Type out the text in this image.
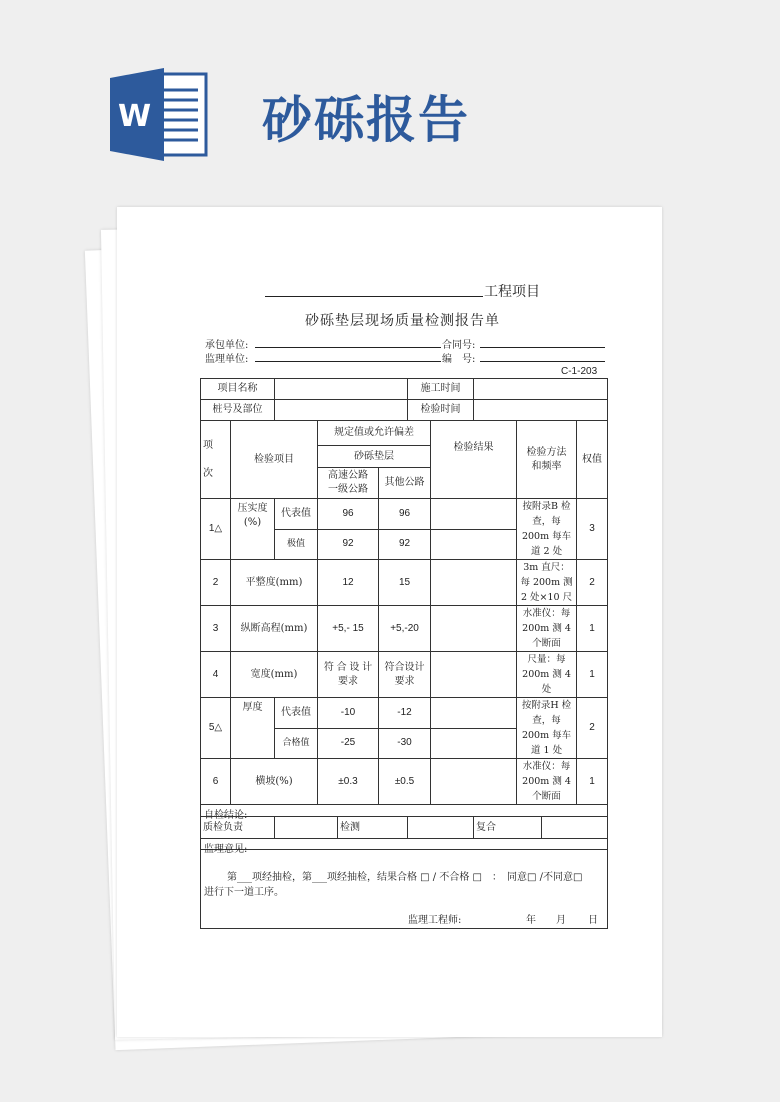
W 砂砾报告
工程项目
砂砾垫层现场质量检测报告单
承包单位:	合同号:
监理单位:	编　号:
C-1-203
项目名称					施工时间				
桩号及部位					检验时间				
项

次	检验项目		规定值或允许偏差			检验结果		检验方法和频率	权值
			砂砾垫层						
			高速公路一级公路	其他公路					
1△	压实度(%)	代表值	96	96				按附录B 检查，每 200m 每车道 2 处	3
		极值	92	92					
2	平整度(mm)		12	15				3m 直尺：每 200m 测 2 处×10 尺	2
3	纵断高程(mm)		+5,- 15	+5,-20				水准仪：每 200m 测 4 个断面	1
4	宽度(mm)		符 合 设 计 要求	符合设计要求				尺量：每 200m 测 4 处	1
5△	厚度	代表值	-10	-12				按附录H 检查，每 200m 每车道 1 处	2
		合格值	-25	-30					
6	横坡(%)		±0.3	±0.5				水准仪：每 200m 测 4 个断面	1
自检结论:									
质检负责		检测		复合	

监理意见:
第___项经抽检，第___项经抽检，结果合格 □ / 不合格 □　：　同意□ /不同意□
进行下一道工序。
监理工程师:	年 月 日
